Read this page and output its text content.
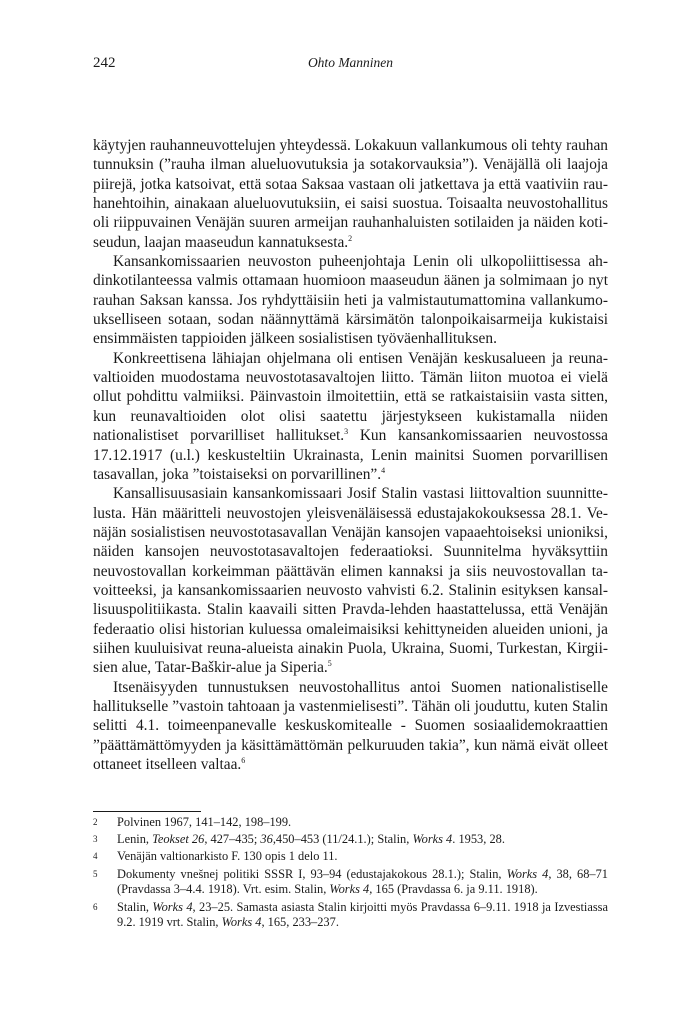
242	Ohto Manninen

käytyjen rauhanneuvottelujen yhteydessä. Lokakuun vallankumous oli tehty rauhan tunnuksin (”rauha ilman alueluovutuksia ja sotakorvauksia”). Venäjällä oli laajoja piirejä, jotka katsoivat, että sotaa Saksaa vastaan oli jatkettava ja että vaativiin rauhanehtoihin, ainakaan alueluovutuksiin, ei saisi suostua. Toisaalta neuvostohallitus oli riippuvainen Venäjän suuren armeijan rauhanhaluisten sotilaiden ja näiden kotiseudun, laajan maaseudun kannatuksesta.$^2$

Kansankomissaarien neuvoston puheenjohtaja Lenin oli ulkopoliittisessa ahdinkotilanteessa valmis ottamaan huomioon maaseudun äänen ja solmimaan jo nyt rauhan Saksan kanssa. Jos ryhdyttäisiin heti ja valmistautumattomina vallankumoukselliseen sotaan, sodan näännyttämä kärsimätön talonpoikaisarmeija kukistaisi ensimmäisten tappioiden jälkeen sosialistisen työväenhallituksen.

Konkreettisena lähiajan ohjelmana oli entisen Venäjän keskusalueen ja reunavaltioiden muodostama neuvostotasavaltojen liitto. Tämän liiton muotoa ei vielä ollut pohdittu valmiiksi. Päinvastoin ilmoitettiin, että se ratkaistaisiin vasta sitten, kun reunavaltioiden olot olisi saatettu järjestykseen kukistamalla niiden nationalistiset porvarilliset hallitukset.$^3$ Kun kansankomissaarien neuvostossa 17.12.1917 (u.l.) keskusteltiin Ukrainasta, Lenin mainitsi Suomen porvarillisen tasavallan, joka ”toistaiseksi on porvarillinen”.$^4$

Kansallisuusasiain kansankomissaari Josif Stalin vastasi liittovaltion suunnittelusta. Hän määritteli neuvostojen yleisvenäläisessä edustajakokouksessa 28.1. Venäjän sosialistisen neuvostotasavallan Venäjän kansojen vapaaehtoiseksi unioniksi, näiden kansojen neuvostotasavaltojen federaatioksi. Suunnitelma hyväksyttiin neuvostovallan korkeimman päättävän elimen kannaksi ja siis neuvostovallan tavoitteeksi, ja kansankomissaarien neuvosto vahvisti 6.2. Stalinin esityksen kansallisuuspolitiikasta. Stalin kaavaili sitten Pravda-lehden haastattelussa, että Venäjän federaatio olisi historian kuluessa omaleimaisiksi kehittyneiden alueiden unioni, ja siihen kuuluisivat reuna-alueista ainakin Puola, Ukraina, Suomi, Turkestan, Kirgiisien alue, Tatar-Baškir-alue ja Siperia.$^5$

Itsenäisyyden tunnustuksen neuvostohallitus antoi Suomen nationalistiselle hallitukselle ”vastoin tahtoaan ja vastenmielisesti”. Tähän oli jouduttu, kuten Stalin selitti 4.1. toimeenpanevalle keskuskomitealle - Suomen sosiaalidemokraattien ”päättämättömyyden ja käsittämättömän pelkuruuden takia”, kun nämä eivät olleet ottaneet itselleen valtaa.$^6$

2 Polvinen 1967, 141–142, 198–199.
3 Lenin, Teokset 26, 427–435; 36,450–453 (11/24.1.); Stalin, Works 4. 1953, 28.
4 Venäjän valtionarkisto F. 130 opis 1 delo 11.
5 Dokumenty vnešnej politiki SSSR I, 93–94 (edustajakokous 28.1.); Stalin, Works 4, 38, 68–71 (Pravdassa 3–4.4. 1918). Vrt. esim. Stalin, Works 4, 165 (Pravdassa 6. ja 9.11. 1918).
6 Stalin, Works 4, 23–25. Samasta asiasta Stalin kirjoitti myös Pravdassa 6–9.11. 1918 ja Izvestiassa 9.2. 1919 vrt. Stalin, Works 4, 165, 233–237.
